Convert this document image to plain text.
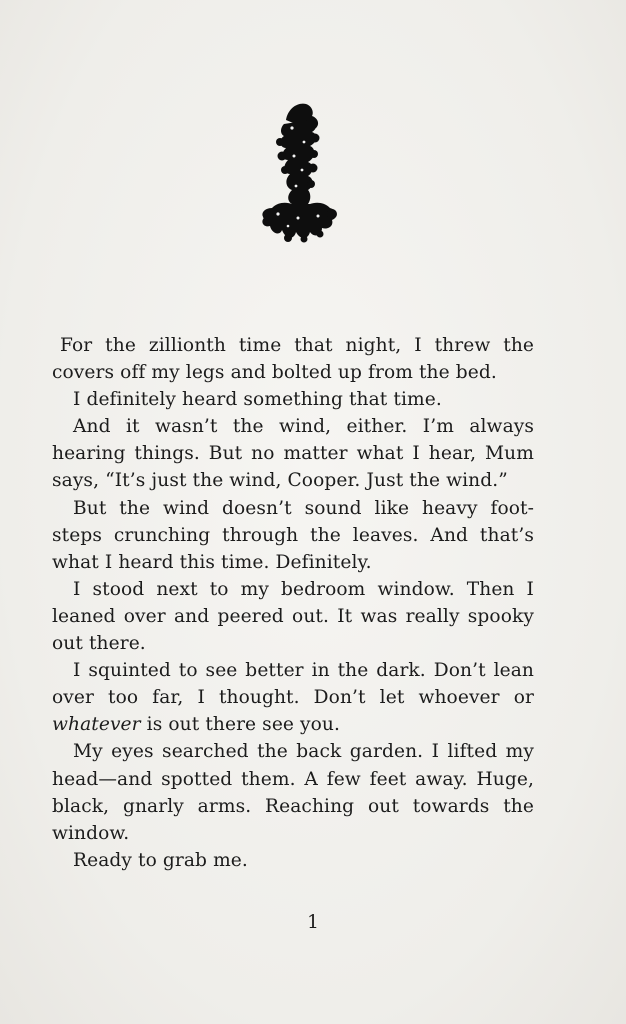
For the zillionth time that night, I threw the covers off my legs and bolted up from the bed.

I definitely heard something that time.

And it wasn’t the wind, either. I’m always hearing things. But no matter what I hear, Mum says, “It’s just the wind, Cooper. Just the wind.”

But the wind doesn’t sound like heavy foot-steps crunching through the leaves. And that’s what I heard this time. Definitely.

I stood next to my bedroom window. Then I leaned over and peered out. It was really spooky out there.

I squinted to see better in the dark. Don’t lean over too far, I thought. Don’t let whoever or whatever is out there see you.

My eyes searched the back garden. I lifted my head—and spotted them. A few feet away. Huge, black, gnarly arms. Reaching out towards the window.

Ready to grab me.

1
